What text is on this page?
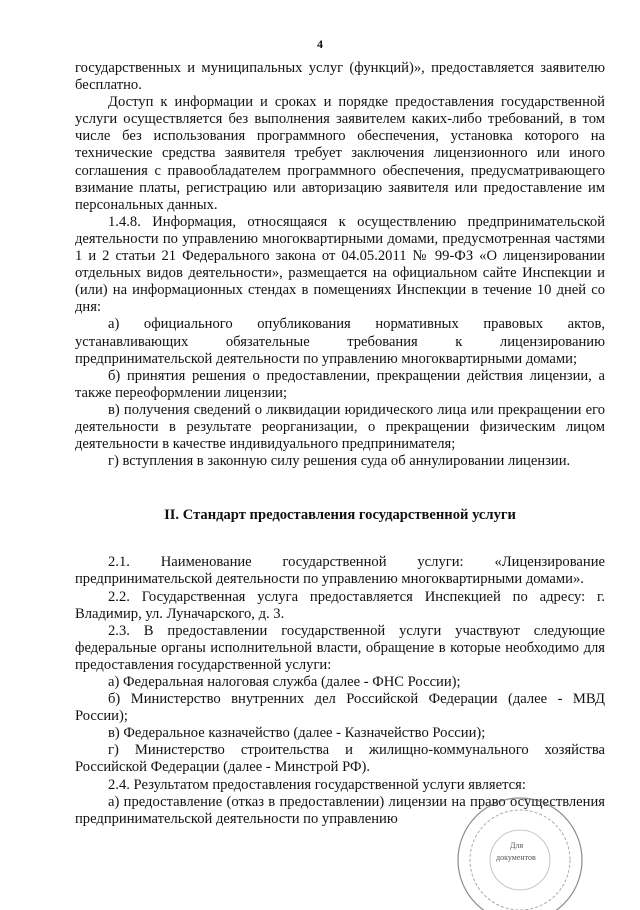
4

государственных и муниципальных услуг (функций)», предоставляется заявителю бесплатно.

Доступ к информации и сроках и порядке предоставления государственной услуги осуществляется без выполнения заявителем каких-либо требований, в том числе без использования программного обеспечения, установка которого на технические средства заявителя требует заключения лицензионного или иного соглашения с правообладателем программного обеспечения, предусматривающего взимание платы, регистрацию или авторизацию заявителя или предоставление им персональных данных.

1.4.8. Информация, относящаяся к осуществлению предпринимательской деятельности по управлению многоквартирными домами, предусмотренная частями 1 и 2 статьи 21 Федерального закона от 04.05.2011 № 99-ФЗ «О лицензировании отдельных видов деятельности», размещается на официальном сайте Инспекции и (или) на информационных стендах в помещениях Инспекции в течение 10 дней со дня:

а) официального опубликования нормативных правовых актов, устанавливающих обязательные требования к лицензированию предпринимательской деятельности по управлению многоквартирными домами;

б) принятия решения о предоставлении, прекращении действия лицензии, а также переоформлении лицензии;

в) получения сведений о ликвидации юридического лица или прекращении его деятельности в результате реорганизации, о прекращении физическим лицом деятельности в качестве индивидуального предпринимателя;

г) вступления в законную силу решения суда об аннулировании лицензии.

II. Стандарт предоставления государственной услуги

2.1. Наименование государственной услуги: «Лицензирование предпринимательской деятельности по управлению многоквартирными домами».

2.2. Государственная услуга предоставляется Инспекцией по адресу: г. Владимир, ул. Луначарского, д. 3.

2.3. В предоставлении государственной услуги участвуют следующие федеральные органы исполнительной власти, обращение в которые необходимо для предоставления государственной услуги:

а) Федеральная налоговая служба (далее - ФНС России);

б) Министерство внутренних дел Российской Федерации (далее - МВД России);

в) Федеральное казначейство (далее - Казначейство России);

г) Министерство строительства и жилищно-коммунального хозяйства Российской Федерации (далее - Минстрой РФ).

2.4. Результатом предоставления государственной услуги является:

а) предоставление (отказ в предоставлении) лицензии на право осуществления предпринимательской деятельности по управлению

Для
документов
